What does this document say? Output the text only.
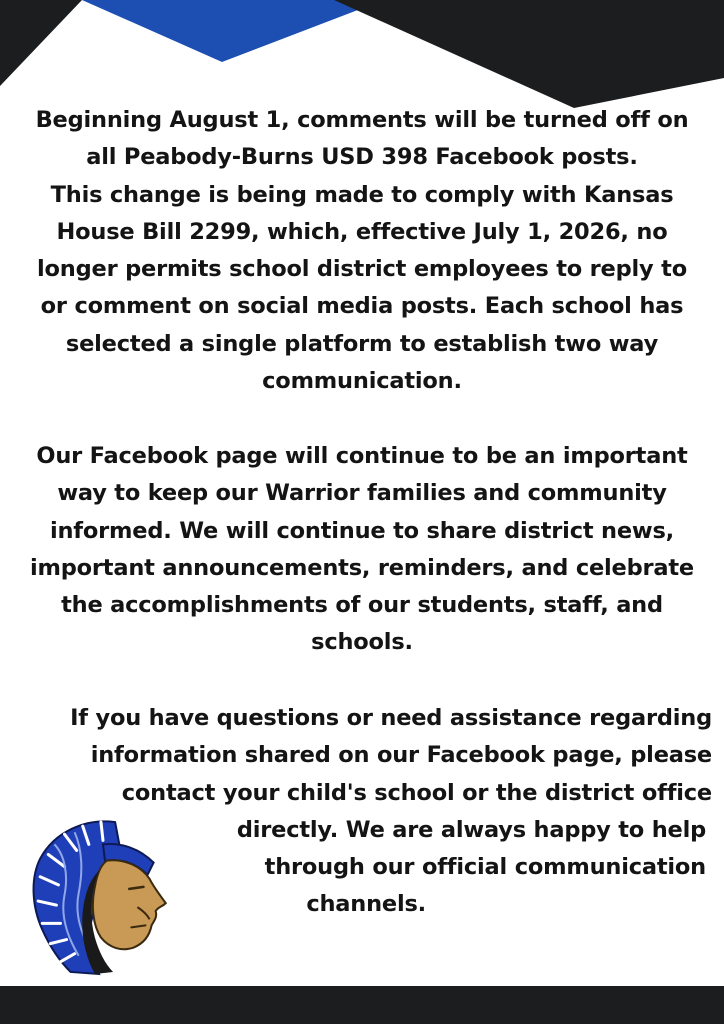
Beginning August 1, comments will be turned off on
all Peabody-Burns USD 398 Facebook posts.
This change is being made to comply with Kansas
House Bill 2299, which, effective July 1, 2026, no
longer permits school district employees to reply to
or comment on social media posts. Each school has
selected a single platform to establish two way
communication.
Our Facebook page will continue to be an important
way to keep our Warrior families and community
informed. We will continue to share district news,
important announcements, reminders, and celebrate
the accomplishments of our students, staff, and
schools.
If you have questions or need assistance regarding
information shared on our Facebook page, please
contact your child's school or the district office
directly. We are always happy to help
through our official communication
channels.
